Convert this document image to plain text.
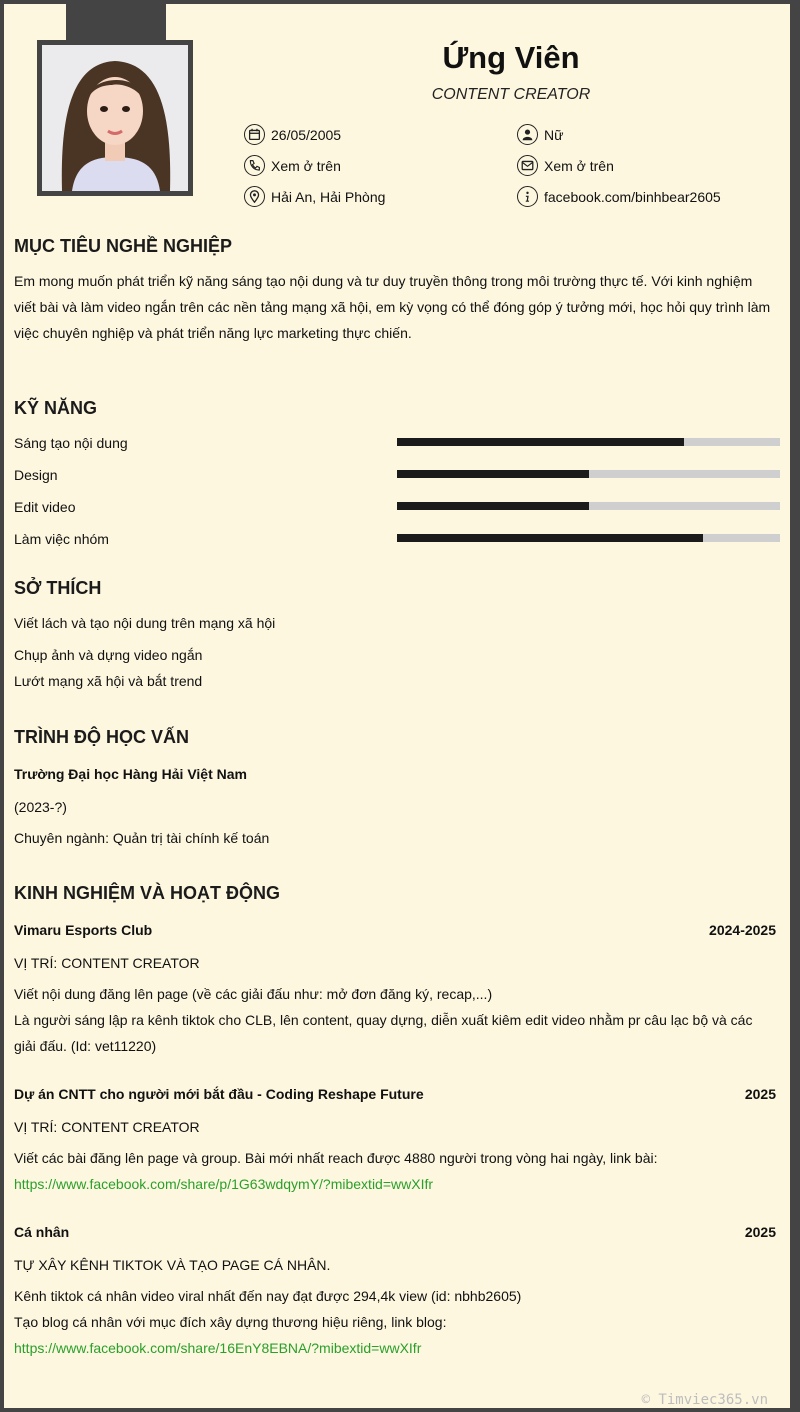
Ứng Viên
CONTENT CREATOR
26/05/2005	Nữ
Xem ở trên	Xem ở trên
Hải An, Hải Phòng	facebook.com/binhbear2605
MỤC TIÊU NGHỀ NGHIỆP
Em mong muốn phát triển kỹ năng sáng tạo nội dung và tư duy truyền thông trong môi trường thực tế. Với kinh nghiệm viết bài và làm video ngắn trên các nền tảng mạng xã hội, em kỳ vọng có thể đóng góp ý tưởng mới, học hỏi quy trình làm việc chuyên nghiệp và phát triển năng lực marketing thực chiến.
KỸ NĂNG
Sáng tạo nội dung
Design
Edit video
Làm việc nhóm
SỞ THÍCH
Viết lách và tạo nội dung trên mạng xã hội
Chụp ảnh và dựng video ngắn
Lướt mạng xã hội và bắt trend
TRÌNH ĐỘ HỌC VẤN
Trường Đại học Hàng Hải Việt Nam
(2023-?)
Chuyên ngành: Quản trị tài chính kế toán
KINH NGHIỆM VÀ HOẠT ĐỘNG
Vimaru Esports Club	2024-2025
VỊ TRÍ: CONTENT CREATOR
Viết nội dung đăng lên page (về các giải đấu như: mở đơn đăng ký, recap,...)
Là người sáng lập ra kênh tiktok cho CLB, lên content, quay dựng, diễn xuất kiêm edit video nhằm pr câu lạc bộ và các giải đấu. (Id: vet11220)
Dự án CNTT cho người mới bắt đầu - Coding Reshape Future	2025
VỊ TRÍ: CONTENT CREATOR
Viết các bài đăng lên page và group. Bài mới nhất reach được 4880 người trong vòng hai ngày, link bài:
https://www.facebook.com/share/p/1G63wdqymY/?mibextid=wwXIfr
Cá nhân	2025
TỰ XÂY KÊNH TIKTOK VÀ TẠO PAGE CÁ NHÂN.
Kênh tiktok cá nhân video viral nhất đến nay đạt được 294,4k view (id: nbhb2605)
Tạo blog cá nhân với mục đích xây dựng thương hiệu riêng, link blog:
https://www.facebook.com/share/16EnY8EBNA/?mibextid=wwXIfr
© Timviec365.vn
